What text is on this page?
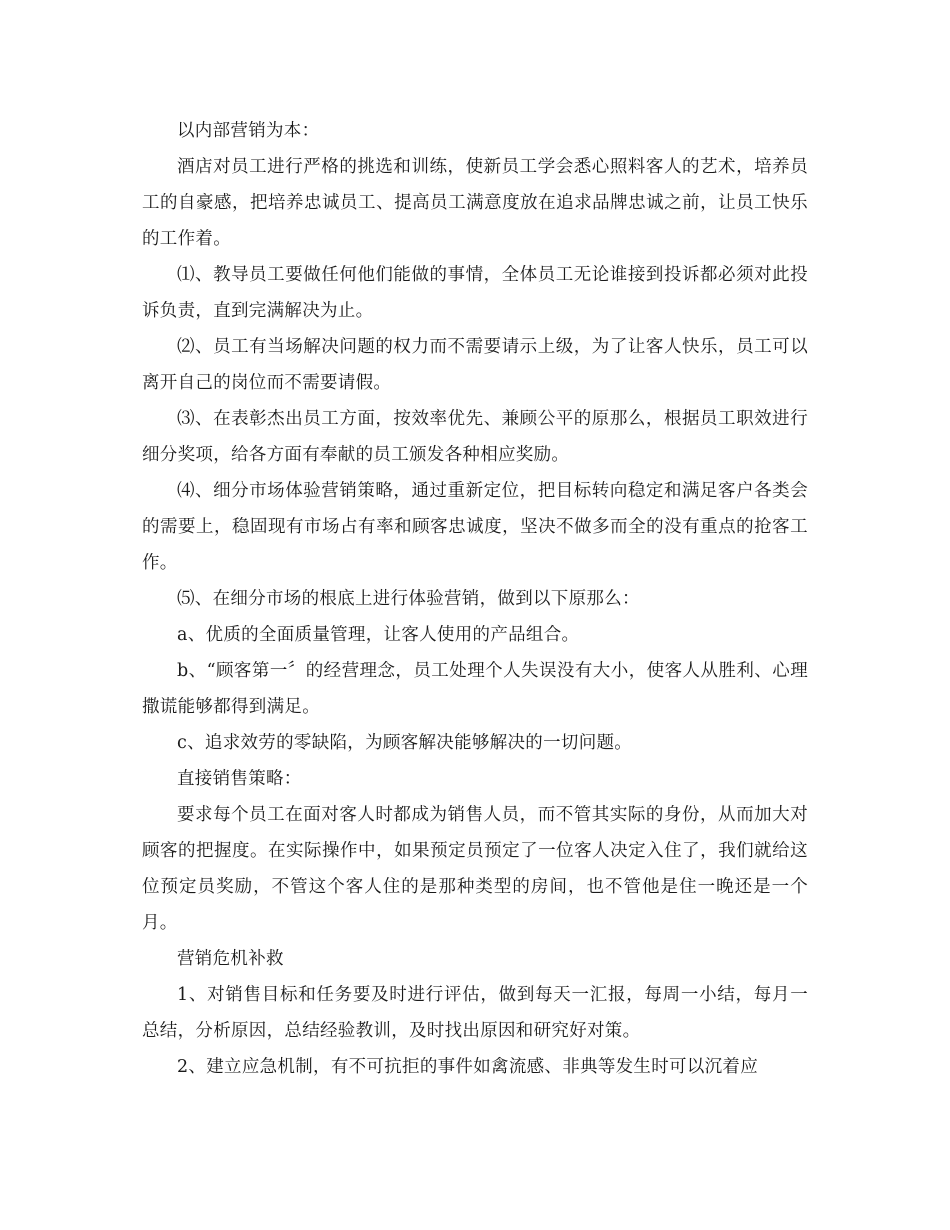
以内部营销为本：

酒店对员工进行严格的挑选和训练，使新员工学会悉心照料客人的艺术，培养员工的自豪感，把培养忠诚员工、提高员工满意度放在追求品牌忠诚之前，让员工快乐的工作着。

⑴、教导员工要做任何他们能做的事情，全体员工无论谁接到投诉都必须对此投诉负责，直到完满解决为止。

⑵、员工有当场解决问题的权力而不需要请示上级，为了让客人快乐，员工可以离开自己的岗位而不需要请假。

⑶、在表彰杰出员工方面，按效率优先、兼顾公平的原那么，根据员工职效进行细分奖项，给各方面有奉献的员工颁发各种相应奖励。

⑷、细分市场体验营销策略，通过重新定位，把目标转向稳定和满足客户各类会的需要上，稳固现有市场占有率和顾客忠诚度，坚决不做多而全的没有重点的抢客工作。

⑸、在细分市场的根底上进行体验营销，做到以下原那么：

a、优质的全面质量管理，让客人使用的产品组合。

b、“顾客第一〞的经营理念，员工处理个人失误没有大小，使客人从胜利、心理撒谎能够都得到满足。

c、追求效劳的零缺陷，为顾客解决能够解决的一切问题。

直接销售策略：

要求每个员工在面对客人时都成为销售人员，而不管其实际的身份，从而加大对顾客的把握度。在实际操作中，如果预定员预定了一位客人决定入住了，我们就给这位预定员奖励，不管这个客人住的是那种类型的房间，也不管他是住一晚还是一个月。

营销危机补救

1、对销售目标和任务要及时进行评估，做到每天一汇报，每周一小结，每月一总结，分析原因，总结经验教训，及时找出原因和研究好对策。

2、建立应急机制，有不可抗拒的事件如禽流感、非典等发生时可以沉着应
